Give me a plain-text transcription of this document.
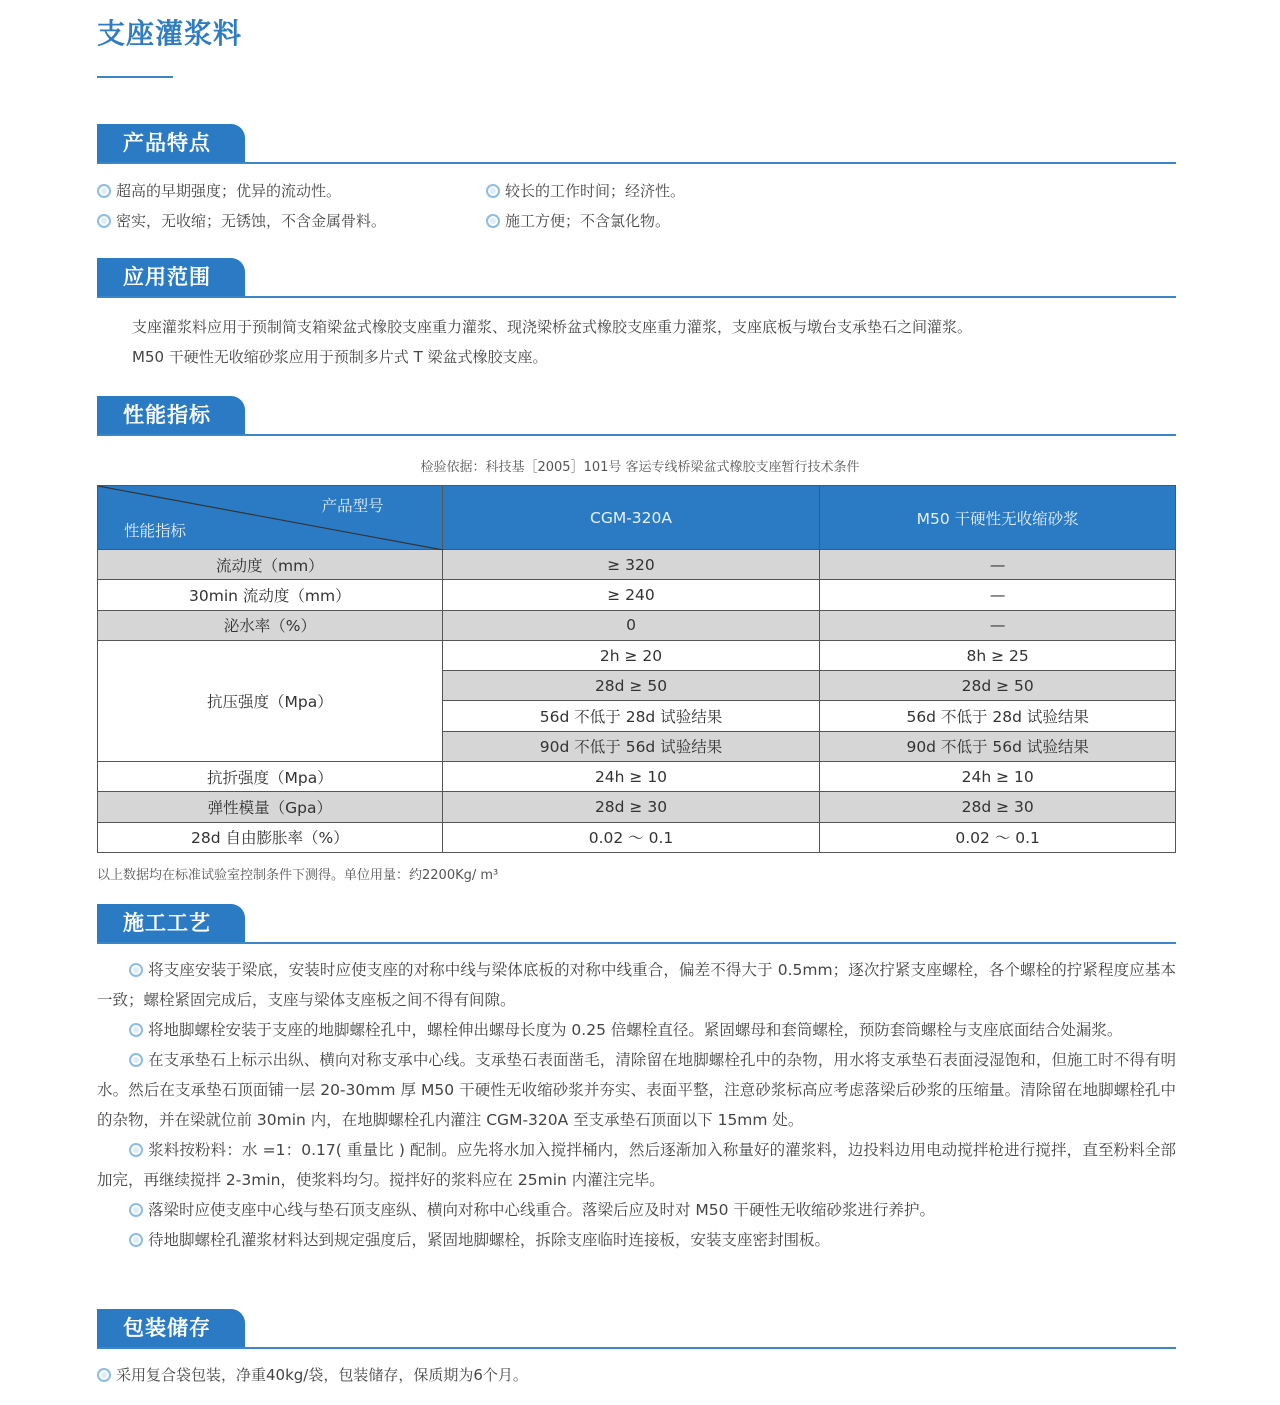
支座灌浆料
产品特点
超高的早期强度；优异的流动性。	较长的工作时间；经济性。
密实，无收缩；无锈蚀，不含金属骨料。	施工方便；不含氯化物。
应用范围
支座灌浆料应用于预制简支箱梁盆式橡胶支座重力灌浆、现浇梁桥盆式橡胶支座重力灌浆，支座底板与墩台支承垫石之间灌浆。
M50 干硬性无收缩砂浆应用于预制多片式 T 梁盆式橡胶支座。
性能指标
检验依据：科技基［2005］101号 客运专线桥梁盆式橡胶支座暂行技术条件
产品型号
性能指标	CGM-320A	M50 干硬性无收缩砂浆
流动度（mm）	≥ 320	—
30min 流动度（mm）	≥ 240	—
泌水率（%）	0	—
抗压强度（Mpa）	2h ≥ 20	8h ≥ 25
	28d ≥ 50	28d ≥ 50
	56d 不低于 28d 试验结果	56d 不低于 28d 试验结果
	90d 不低于 56d 试验结果	90d 不低于 56d 试验结果
抗折强度（Mpa）	24h ≥ 10	24h ≥ 10
弹性模量（Gpa）	28d ≥ 30	28d ≥ 30
28d 自由膨胀率（%）	0.02 ～ 0.1	0.02 ～ 0.1
以上数据均在标准试验室控制条件下测得。单位用量：约2200Kg/ m³
施工工艺
将支座安装于梁底，安装时应使支座的对称中线与梁体底板的对称中线重合，偏差不得大于 0.5mm；逐次拧紧支座螺栓，各个螺栓的拧紧程度应基本一致；螺栓紧固完成后，支座与梁体支座板之间不得有间隙。
将地脚螺栓安装于支座的地脚螺栓孔中，螺栓伸出螺母长度为 0.25 倍螺栓直径。紧固螺母和套筒螺栓，预防套筒螺栓与支座底面结合处漏浆。
在支承垫石上标示出纵、横向对称支承中心线。支承垫石表面凿毛，清除留在地脚螺栓孔中的杂物，用水将支承垫石表面浸湿饱和，但施工时不得有明水。然后在支承垫石顶面铺一层 20-30mm 厚 M50 干硬性无收缩砂浆并夯实、表面平整，注意砂浆标高应考虑落梁后砂浆的压缩量。清除留在地脚螺栓孔中的杂物，并在梁就位前 30min 内，在地脚螺栓孔内灌注 CGM-320A 至支承垫石顶面以下 15mm 处。
浆料按粉料：水 =1：0.17( 重量比 ) 配制。应先将水加入搅拌桶内，然后逐渐加入称量好的灌浆料，边投料边用电动搅拌枪进行搅拌，直至粉料全部加完，再继续搅拌 2-3min，使浆料均匀。搅拌好的浆料应在 25min 内灌注完毕。
落梁时应使支座中心线与垫石顶支座纵、横向对称中心线重合。落梁后应及时对 M50 干硬性无收缩砂浆进行养护。
待地脚螺栓孔灌浆材料达到规定强度后，紧固地脚螺栓，拆除支座临时连接板，安装支座密封围板。
包装储存
采用复合袋包装，净重40kg/袋，包装储存，保质期为6个月。
